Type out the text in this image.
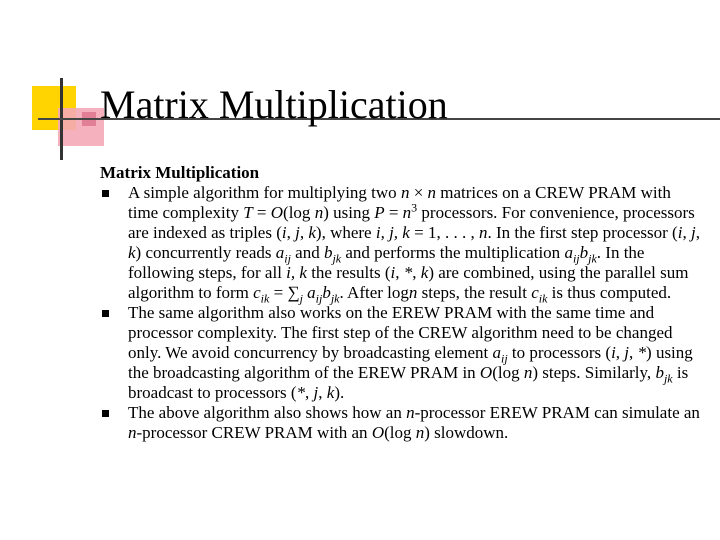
Matrix Multiplication
Matrix Multiplication
A simple algorithm for multiplying two n × n matrices on a CREW PRAM with time complexity T = O(log n) using $P = n^3$ processors. For convenience, processors are indexed as triples (i, j, k), where i, j, k = 1, . . . , n. In the first step processor (i, j, k) concurrently reads $a_{ij}$ and $b_{jk}$ and performs the multiplication $a_{ij}b_{jk}$. In the following steps, for all i, k the results (i, *, k) are combined, using the parallel sum algorithm to form $c_{ik} = \sum_j$ $a_{ij}b_{jk}$. After logn steps, the result $c_{ik}$ is thus computed.
The same algorithm also works on the EREW PRAM with the same time and processor complexity. The first step of the CREW algorithm need to be changed only. We avoid concurrency by broadcasting element $a_{ij}$ to processors (i, j, *) using the broadcasting algorithm of the EREW PRAM in O(log n) steps. Similarly, $b_{jk}$ is broadcast to processors (*, j, k).
The above algorithm also shows how an n-processor EREW PRAM can simulate an n-processor CREW PRAM with an O(log n) slowdown.
